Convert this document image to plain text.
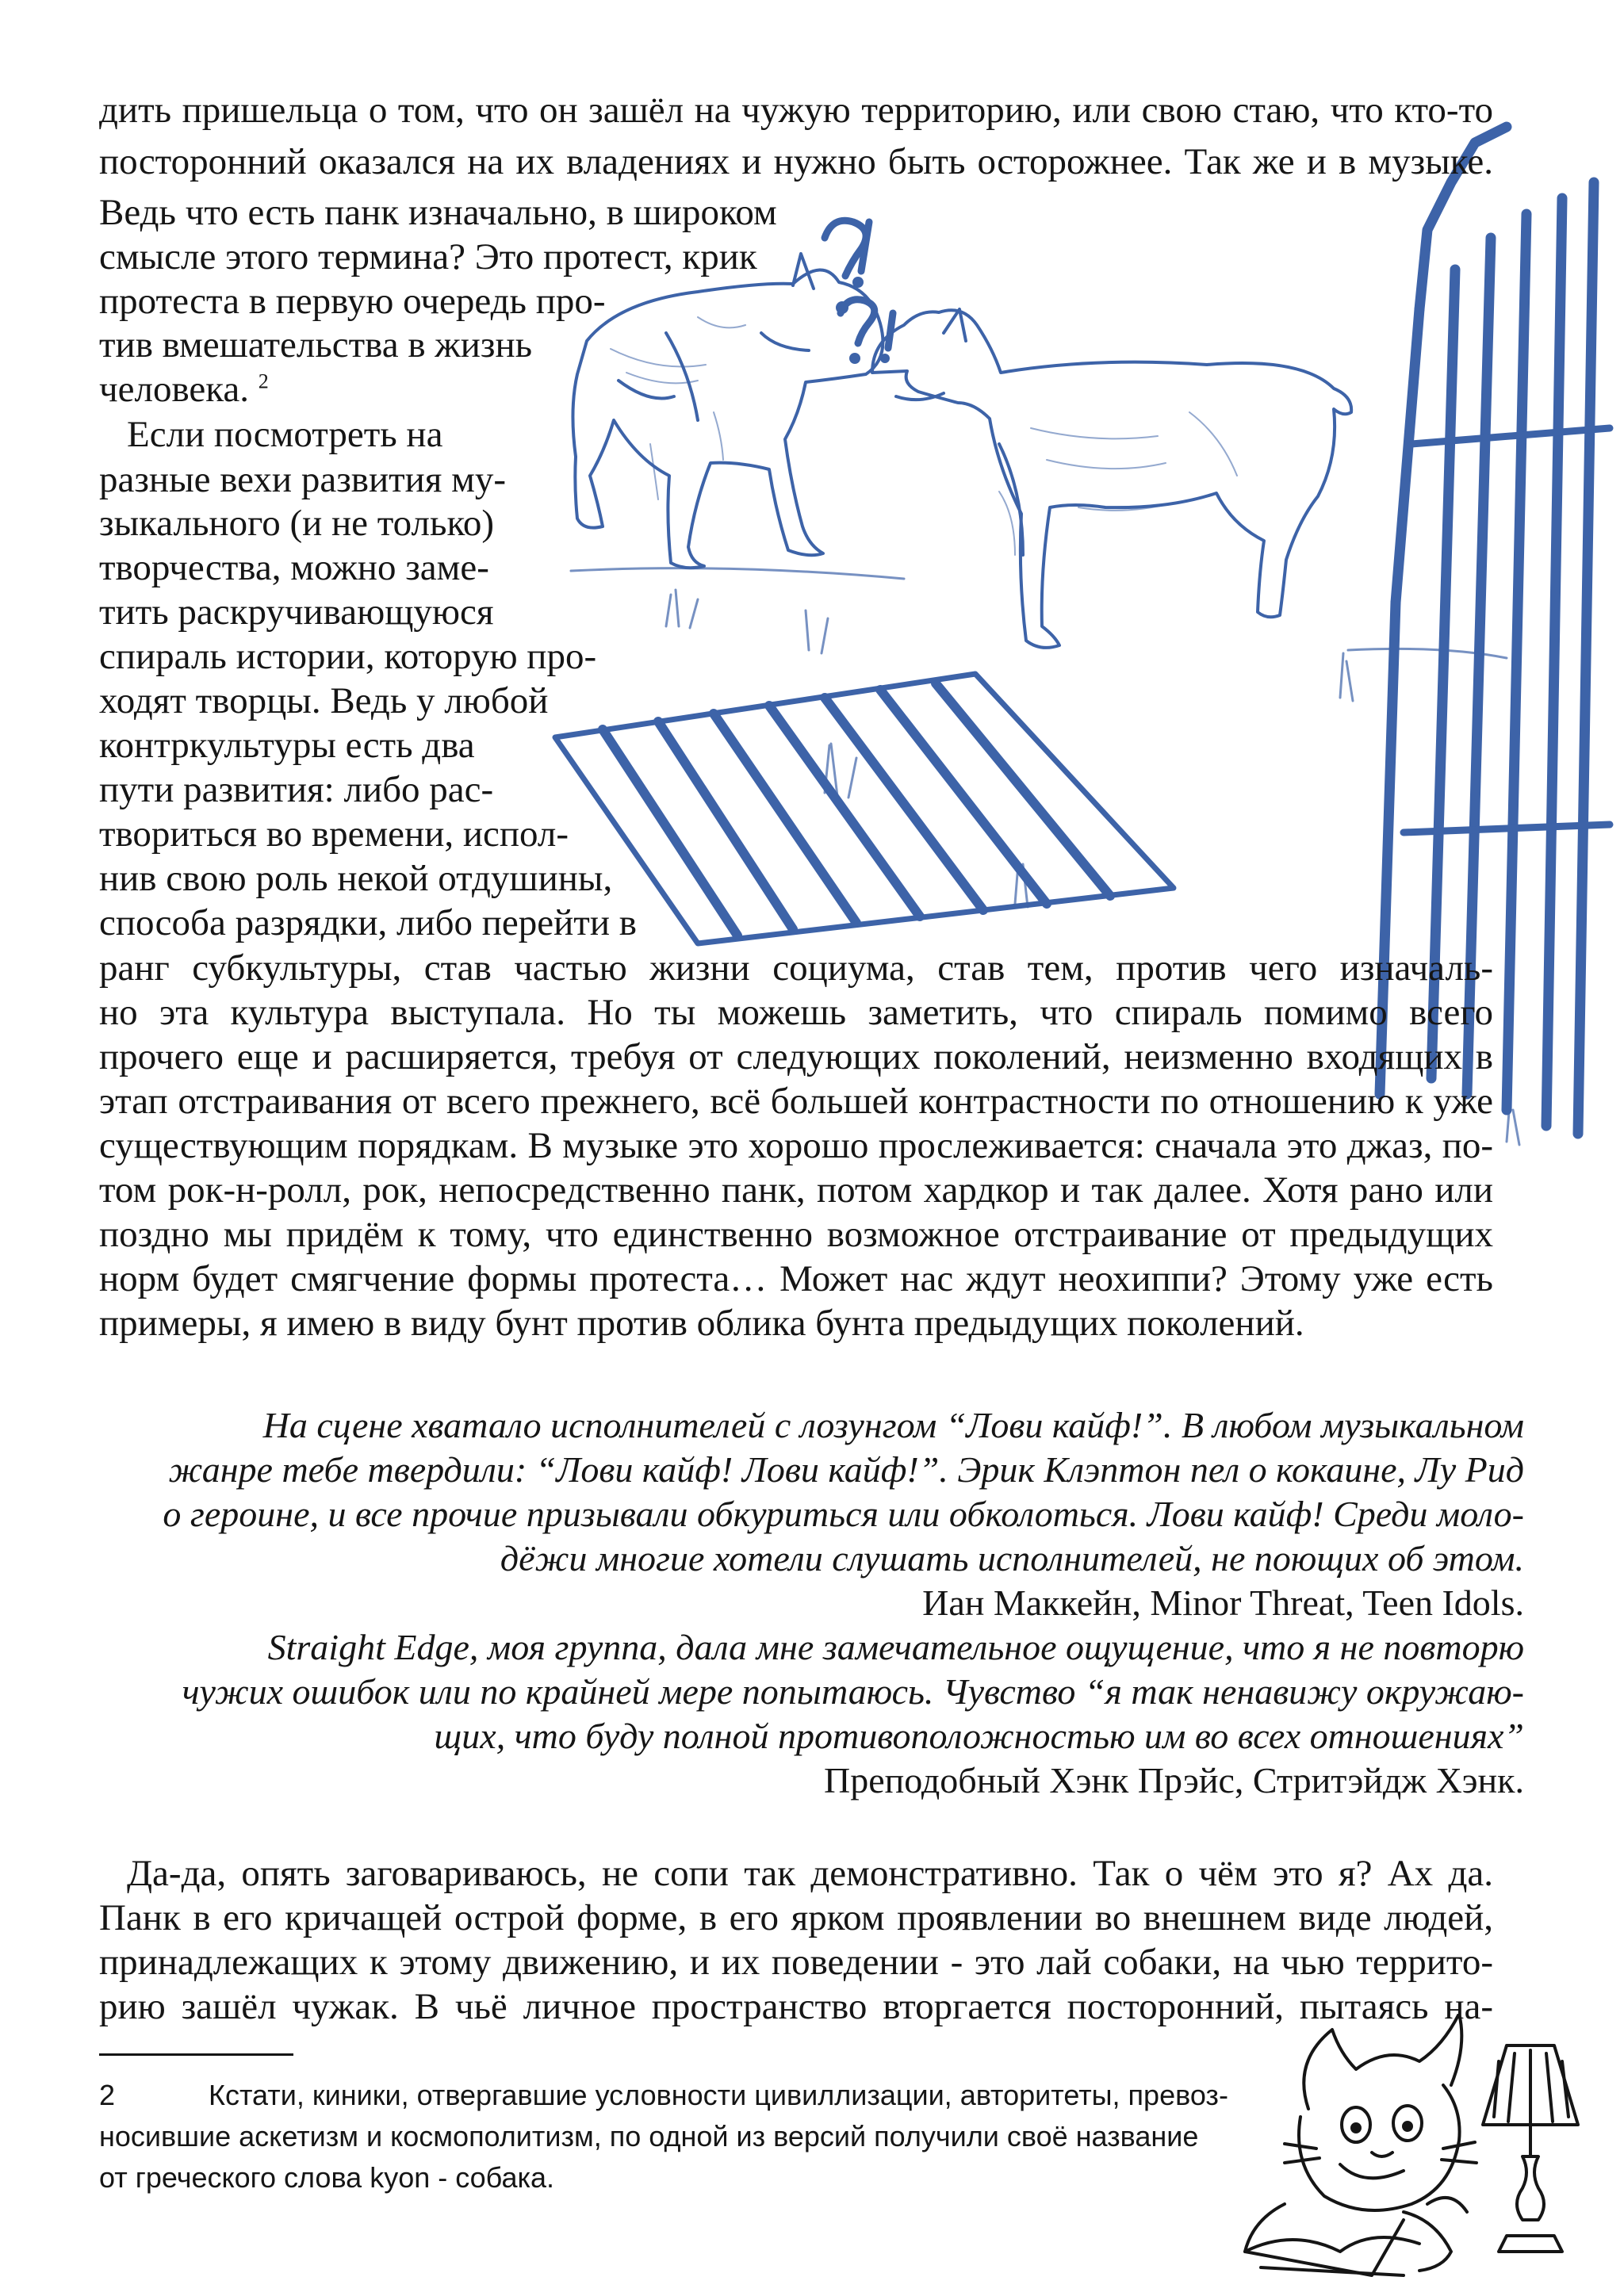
дить пришельца о том, что он зашёл на чужую территорию, или свою стаю, что кто-то
посторонний оказался на их владениях и нужно быть осторожнее. Так же и в музыке.
Ведь что есть панк изначально, в широком
смысле этого термина? Это протест, крик
протеста в первую очередь про-
тив вмешательства в жизнь
человека. $^2$
Если посмотреть на
разные вехи развития му-
зыкального (и не только)
творчества, можно заме-
тить раскручивающуюся
спираль истории, которую про-
ходят творцы. Ведь у любой
контркультуры есть два
пути развития: либо рас-
твориться во времени, испол-
нив свою роль некой отдушины,
способа разрядки, либо перейти в
ранг субкультуры, став частью жизни социума, став тем, против чего изначаль-
но эта культура выступала. Но ты можешь заметить, что спираль помимо всего
прочего еще и расширяется, требуя от следующих поколений, неизменно входящих в
этап отстраивания от всего прежнего, всё большей контрастности по отношению к уже
существующим порядкам. В музыке это хорошо прослеживается: сначала это джаз, по-
том рок-н-ролл, рок, непосредственно панк, потом хардкор и так далее. Хотя рано или
поздно мы придём к тому, что единственно возможное отстраивание от предыдущих
норм будет смягчение формы протеста… Может нас ждут неохиппи? Этому уже есть
примеры, я имею в виду бунт против облика бунта предыдущих поколений.
На сцене хватало исполнителей с лозунгом “Лови кайф!”. В любом музыкальном
жанре тебе твердили: “Лови кайф! Лови кайф!”. Эрик Клэптон пел о кокаине, Лу Рид
о героине, и все прочие призывали обкуриться или обколоться. Лови кайф! Среди моло-
дёжи многие хотели слушать исполнителей, не поющих об этом.
Иан Маккейн, Minor Threat, Teen Idols.
Straight Edge, моя группа, дала мне замечательное ощущение, что я не повторю
чужих ошибок или по крайней мере попытаюсь. Чувство “я так ненавижу окружаю-
щих, что буду полной противоположностью им во всех отношениях”
Преподобный Хэнк Прэйс, Стритэйдж Хэнк.
Да-да, опять заговариваюсь, не сопи так демонстративно. Так о чём это я? Ах да.
Панк в его кричащей острой форме, в его ярком проявлении во внешнем виде людей,
принадлежащих к этому движению, и их поведении - это лай собаки, на чью террито-
рию зашёл чужак. В чьё личное пространство вторгается посторонний, пытаясь на-
2	Кстати, киники, отвергавшие условности цивиллизации, авторитеты, превоз-
носившие аскетизм и космополитизм, по одной из версий получили своё название
от греческого слова kyon - собака.
